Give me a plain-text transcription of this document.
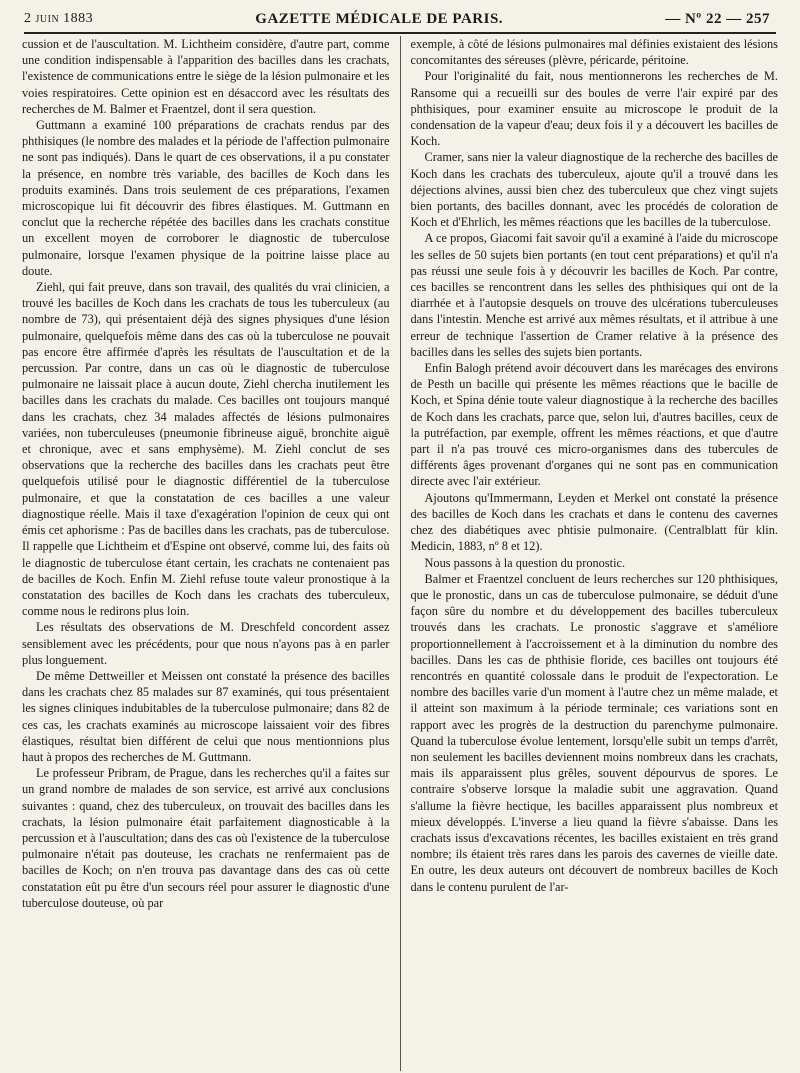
2 juin 1883	GAZETTE MÉDICALE DE PARIS.	— Nº 22 — 257

cussion et de l'auscultation. M. Lichtheim considère, d'autre part, comme une condition indispensable à l'apparition des bacilles dans les crachats, l'existence de communications entre le siège de la lésion pulmonaire et les voies respiratoires. Cette opinion est en désaccord avec les résultats des recherches de M. Balmer et Fraentzel, dont il sera question.

Guttmann a examiné 100 préparations de crachats rendus par des phthisiques (le nombre des malades et la période de l'affection pulmonaire ne sont pas indiqués). Dans le quart de ces observations, il a pu constater la présence, en nombre très variable, des bacilles de Koch dans les produits examinés. Dans trois seulement de ces préparations, l'examen microscopique lui fit découvrir des fibres élastiques. M. Guttmann en conclut que la recherche répétée des bacilles dans les crachats constitue un excellent moyen de corroborer le diagnostic de tuberculose pulmonaire, lorsque l'examen physique de la poitrine laisse place au doute.

Ziehl, qui fait preuve, dans son travail, des qualités du vrai clinicien, a trouvé les bacilles de Koch dans les crachats de tous les tuberculeux (au nombre de 73), qui présentaient déjà des signes physiques d'une lésion pulmonaire, quelquefois même dans des cas où la tuberculose ne pouvait pas encore être affirmée d'après les résultats de l'auscultation et de la percussion. Par contre, dans un cas où le diagnostic de tuberculose pulmonaire ne laissait place à aucun doute, Ziehl chercha inutilement les bacilles dans les crachats du malade. Ces bacilles ont toujours manqué dans les crachats, chez 34 malades affectés de lésions pulmonaires variées, non tuberculeuses (pneumonie fibrineuse aiguë, bronchite aiguë et chronique, avec et sans emphysème). M. Ziehl conclut de ses observations que la recherche des bacilles dans les crachats peut être quelquefois utilisé pour le diagnostic différentiel de la tuberculose pulmonaire, et que la constatation de ces bacilles a une valeur diagnostique réelle. Mais il taxe d'exagération l'opinion de ceux qui ont émis cet aphorisme : Pas de bacilles dans les crachats, pas de tuberculose. Il rappelle que Lichtheim et d'Espine ont observé, comme lui, des faits où le diagnostic de tuberculose étant certain, les crachats ne contenaient pas de bacilles de Koch. Enfin M. Ziehl refuse toute valeur pronostique à la constatation des bacilles de Koch dans les crachats des tuberculeux, comme nous le redirons plus loin.

Les résultats des observations de M. Dreschfeld concordent assez sensiblement avec les précédents, pour que nous n'ayons pas à en parler plus longuement.

De même Dettweiller et Meissen ont constaté la présence des bacilles dans les crachats chez 85 malades sur 87 examinés, qui tous présentaient les signes cliniques indubitables de la tuberculose pulmonaire; dans 82 de ces cas, les crachats examinés au microscope laissaient voir des fibres élastiques, résultat bien différent de celui que nous mentionnions plus haut à propos des recherches de M. Guttmann.

Le professeur Pribram, de Prague, dans les recherches qu'il a faites sur un grand nombre de malades de son service, est arrivé aux conclusions suivantes : quand, chez des tuberculeux, on trouvait des bacilles dans les crachats, la lésion pulmonaire était parfaitement diagnosticable à la percussion et à l'auscultation; dans des cas où l'existence de la tuberculose pulmonaire n'était pas douteuse, les crachats ne renfermaient pas de bacilles de Koch; on n'en trouva pas davantage dans des cas où cette constatation eût pu être d'un secours réel pour assurer le diagnostic d'une tuberculose douteuse, où par

exemple, à côté de lésions pulmonaires mal définies existaient des lésions concomitantes des séreuses (plèvre, péricarde, péritoine.

Pour l'originalité du fait, nous mentionnerons les recherches de M. Ransome qui a recueilli sur des boules de verre l'air expiré par des phthisiques, pour examiner ensuite au microscope le produit de la condensation de la vapeur d'eau; deux fois il y a découvert les bacilles de Koch.

Cramer, sans nier la valeur diagnostique de la recherche des bacilles de Koch dans les crachats des tuberculeux, ajoute qu'il a trouvé dans les déjections alvines, aussi bien chez des tuberculeux que chez vingt sujets bien portants, des bacilles donnant, avec les procédés de coloration de Koch et d'Ehrlich, les mêmes réactions que les bacilles de la tuberculose.

A ce propos, Giacomi fait savoir qu'il a examiné à l'aide du microscope les selles de 50 sujets bien portants (en tout cent préparations) et qu'il n'a pas réussi une seule fois à y découvrir les bacilles de Koch. Par contre, ces bacilles se rencontrent dans les selles des phthisiques qui ont de la diarrhée et à l'autopsie desquels on trouve des ulcérations tuberculeuses dans l'intestin. Menche est arrivé aux mêmes résultats, et il attribue à une erreur de technique l'assertion de Cramer relative à la présence des bacilles dans les selles des sujets bien portants.

Enfin Balogh prétend avoir découvert dans les marécages des environs de Pesth un bacille qui présente les mêmes réactions que le bacille de Koch, et Spina dénie toute valeur diagnostique à la recherche des bacilles de Koch dans les crachats, parce que, selon lui, d'autres bacilles, ceux de la putréfaction, par exemple, offrent les mêmes réactions, et que d'autre part il n'a pas trouvé ces micro-organismes dans des tubercules de différents âges provenant d'organes qui ne sont pas en communication directe avec l'air extérieur.

Ajoutons qu'Immermann, Leyden et Merkel ont constaté la présence des bacilles de Koch dans les crachats et dans le contenu des cavernes chez des diabétiques avec phtisie pulmonaire. (Centralblatt für klin. Medicin, 1883, nº 8 et 12).

Nous passons à la question du pronostic.

Balmer et Fraentzel concluent de leurs recherches sur 120 phthisiques, que le pronostic, dans un cas de tuberculose pulmonaire, se déduit d'une façon sûre du nombre et du développement des bacilles tuberculeux trouvés dans les crachats. Le pronostic s'aggrave et s'améliore proportionnellement à l'accroissement et à la diminution du nombre des bacilles. Dans les cas de phthisie floride, ces bacilles ont toujours été rencontrés en quantité colossale dans le produit de l'expectoration. Le nombre des bacilles varie d'un moment à l'autre chez un même malade, et il atteint son maximum à la période terminale; ces variations sont en rapport avec les progrès de la destruction du parenchyme pulmonaire. Quand la tuberculose évolue lentement, lorsqu'elle subit un temps d'arrêt, non seulement les bacilles deviennent moins nombreux dans les crachats, mais ils apparaissent plus grêles, souvent dépourvus de spores. Le contraire s'observe lorsque la maladie subit une aggravation. Quand s'allume la fièvre hectique, les bacilles apparaissent plus nombreux et mieux développés. L'inverse a lieu quand la fièvre s'abaisse. Dans les crachats issus d'excavations récentes, les bacilles existaient en très grand nombre; ils étaient très rares dans les parois des cavernes de vieille date. En outre, les deux auteurs ont découvert de nombreux bacilles de Koch dans le contenu purulent de l'ar-
